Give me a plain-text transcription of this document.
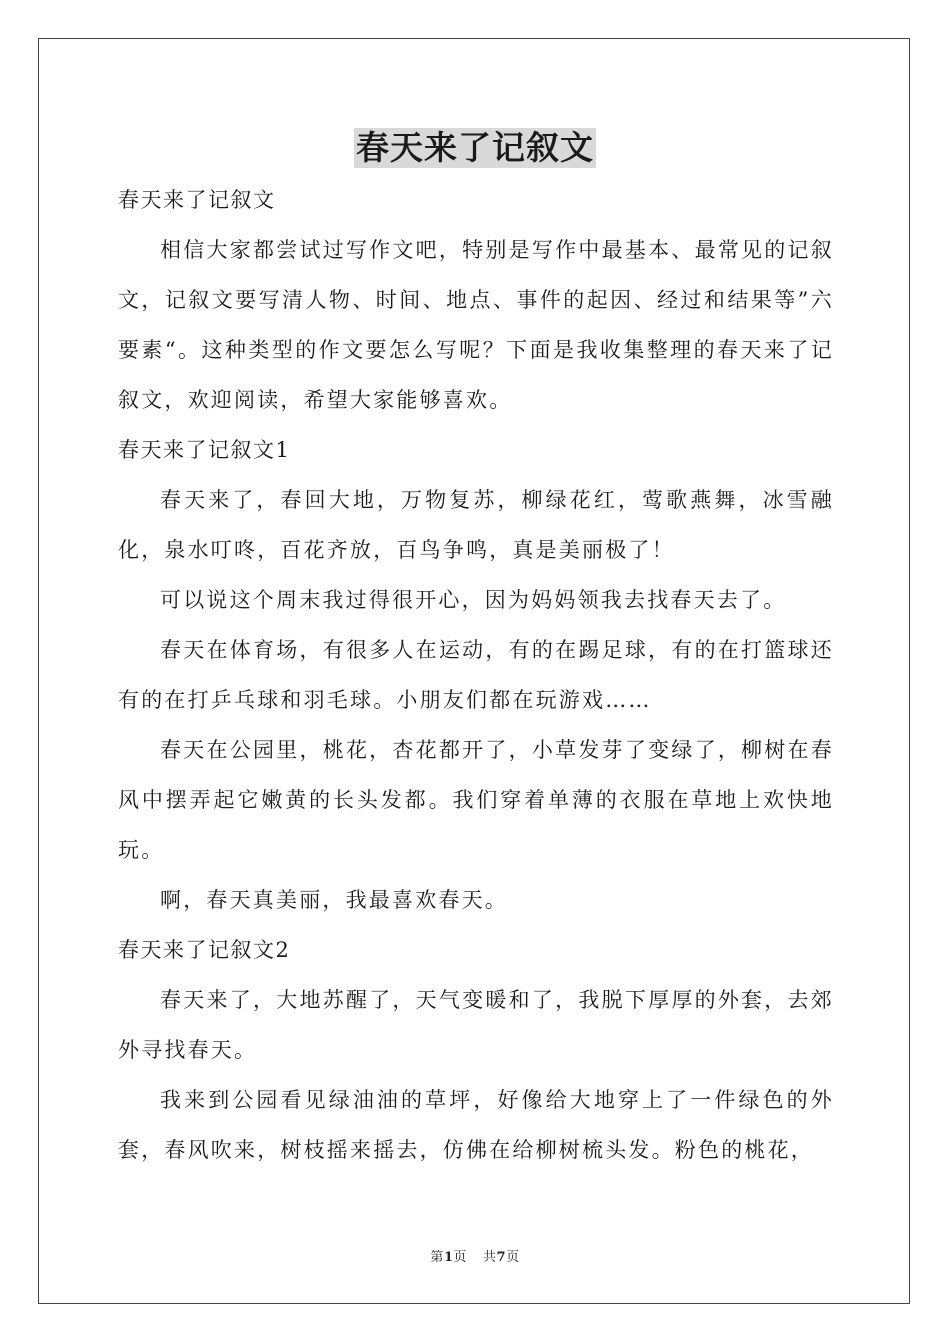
春天来了记叙文

春天来了记叙文

相信大家都尝试过写作文吧，特别是写作中最基本、最常见的记叙文，记叙文要写清人物、时间、地点、事件的起因、经过和结果等”六要素“。这种类型的作文要怎么写呢？下面是我收集整理的春天来了记叙文，欢迎阅读，希望大家能够喜欢。

春天来了记叙文1

春天来了，春回大地，万物复苏，柳绿花红，莺歌燕舞，冰雪融化，泉水叮咚，百花齐放，百鸟争鸣，真是美丽极了！

可以说这个周末我过得很开心，因为妈妈领我去找春天去了。

春天在体育场，有很多人在运动，有的在踢足球，有的在打篮球还有的在打乒乓球和羽毛球。小朋友们都在玩游戏……

春天在公园里，桃花，杏花都开了，小草发芽了变绿了，柳树在春风中摆弄起它嫩黄的长头发都。我们穿着单薄的衣服在草地上欢快地玩。

啊，春天真美丽，我最喜欢春天。

春天来了记叙文2

春天来了，大地苏醒了，天气变暖和了，我脱下厚厚的外套，去郊外寻找春天。

我来到公园看见绿油油的草坪，好像给大地穿上了一件绿色的外套，春风吹来，树枝摇来摇去，仿佛在给柳树梳头发。粉色的桃花，

第1页 共7页
